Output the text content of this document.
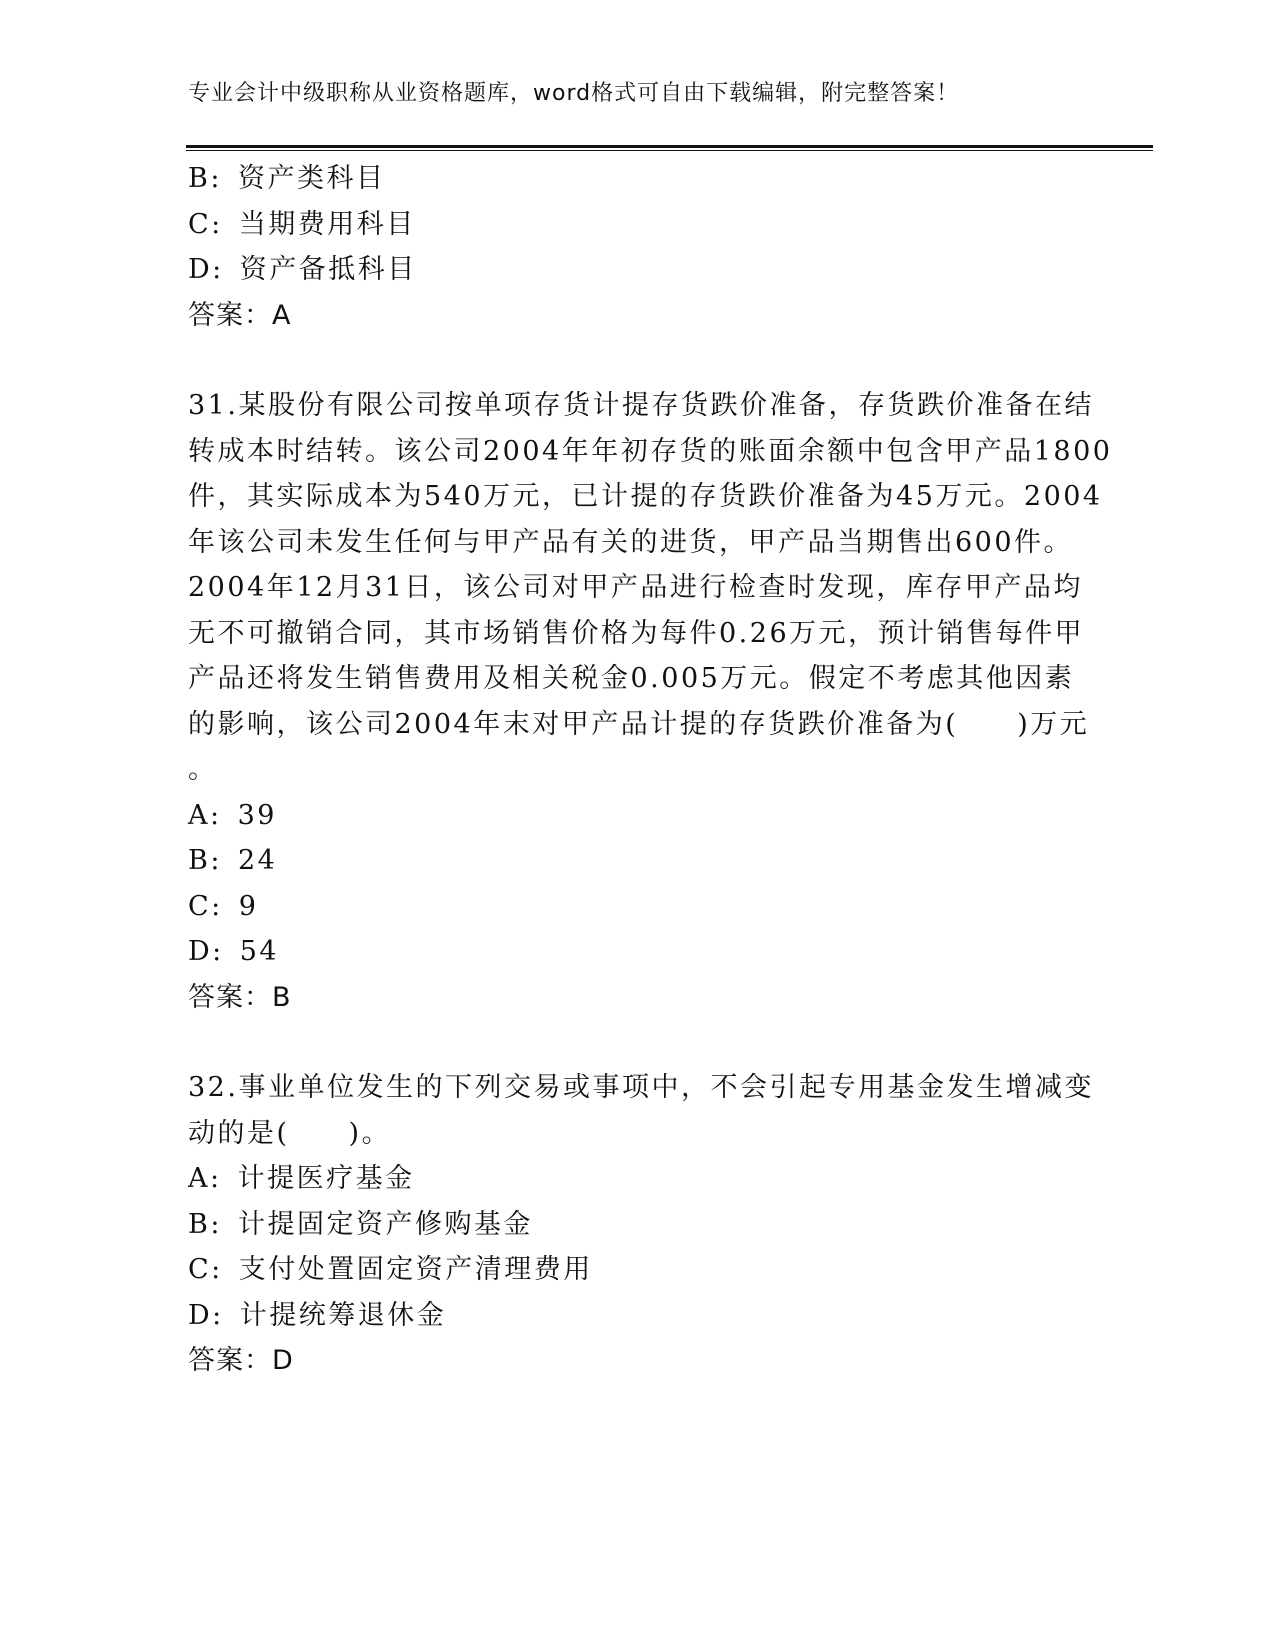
专业会计中级职称从业资格题库，word格式可自由下载编辑，附完整答案！
B: 资产类科目
C: 当期费用科目
D: 资产备抵科目
答案：A
31.某股份有限公司按单项存货计提存货跌价准备，存货跌价准备在结
转成本时结转。该公司2004年年初存货的账面余额中包含甲产品1800
件，其实际成本为540万元，已计提的存货跌价准备为45万元。2004
年该公司未发生任何与甲产品有关的进货，甲产品当期售出600件。
2004年12月31日，该公司对甲产品进行检查时发现，库存甲产品均
无不可撤销合同，其市场销售价格为每件0.26万元，预计销售每件甲
产品还将发生销售费用及相关税金0.005万元。假定不考虑其他因素
的影响，该公司2004年末对甲产品计提的存货跌价准备为(　　)万元
。
A: 39
B: 24
C: 9
D: 54
答案：B
32.事业单位发生的下列交易或事项中，不会引起专用基金发生增减变
动的是(　　)。
A: 计提医疗基金
B: 计提固定资产修购基金
C: 支付处置固定资产清理费用
D: 计提统筹退休金
答案：D
